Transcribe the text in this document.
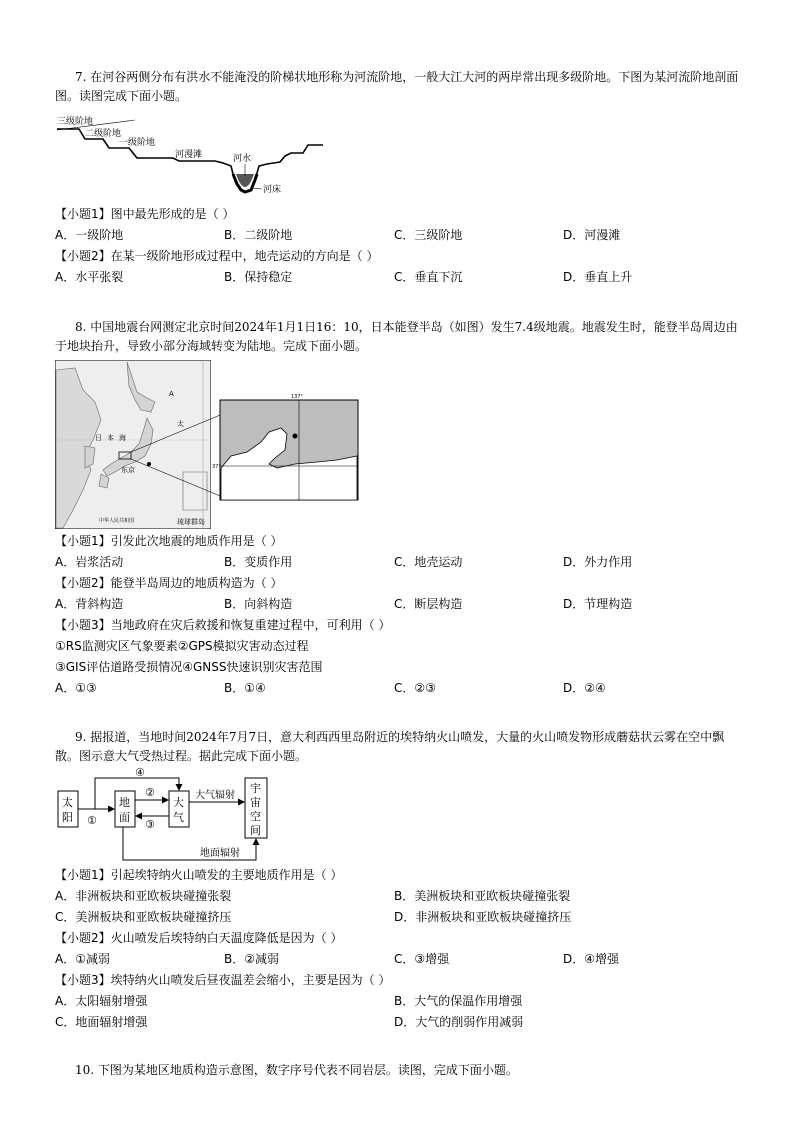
7. 在河谷两侧分布有洪水不能淹没的阶梯状地形称为河流阶地，一般大江大河的两岸常出现多级阶地。下图为某河流阶地剖面图。读图完成下面小题。
三级阶地
二级阶地
一级阶地
河漫滩	河水
河床
【小题1】图中最先形成的是（ ）
A．一级阶地	B．二级阶地	C．三级阶地	D．河漫滩
【小题2】在某一级阶地形成过程中，地壳运动的方向是（ ）
A．水平张裂	B．保持稳定	C．垂直下沉	D．垂直上升
8. 中国地震台网测定北京时间2024年1月1日16：10，日本能登半岛（如图）发生7.4级地震。地震发生时，能登半岛周边由于地块抬升，导致小部分海域转变为陆地。完成下面小题。
A
太
日 本 海
东京
琉球群岛
中华人民共和国
137°
37°
【小题1】引发此次地震的地质作用是（ ）
A．岩浆活动	B．变质作用	C．地壳运动	D．外力作用
【小题2】能登半岛周边的地质构造为（ ）
A．背斜构造	B．向斜构造	C．断层构造	D．节理构造
【小题3】当地政府在灾后救援和恢复重建过程中，可利用（ ）
①RS监测灾区气象要素②GPS模拟灾害动态过程
③GIS评估道路受损情况④GNSS快速识别灾害范围
A．①③	B．①④	C．②③	D．②④
9. 据报道，当地时间2024年7月7日，意大利西西里岛附近的埃特纳火山喷发，大量的火山喷发物形成蘑菇状云雾在空中飘散。图示意大气受热过程。据此完成下面小题。
太
阳
地
面
大
气
宇
宙
空
间
①
④
②
③
大气辐射
地面辐射
【小题1】引起埃特纳火山喷发的主要地质作用是（ ）
A．非洲板块和亚欧板块碰撞张裂	B．美洲板块和亚欧板块碰撞张裂
C．美洲板块和亚欧板块碰撞挤压	D．非洲板块和亚欧板块碰撞挤压
【小题2】火山喷发后埃特纳白天温度降低是因为（ ）
A．①减弱	B．②减弱	C．③增强	D．④增强
【小题3】埃特纳火山喷发后昼夜温差会缩小，主要是因为（ ）
A．太阳辐射增强	B．大气的保温作用增强
C．地面辐射增强	D．大气的削弱作用减弱
10. 下图为某地区地质构造示意图，数字序号代表不同岩层。读图，完成下面小题。
